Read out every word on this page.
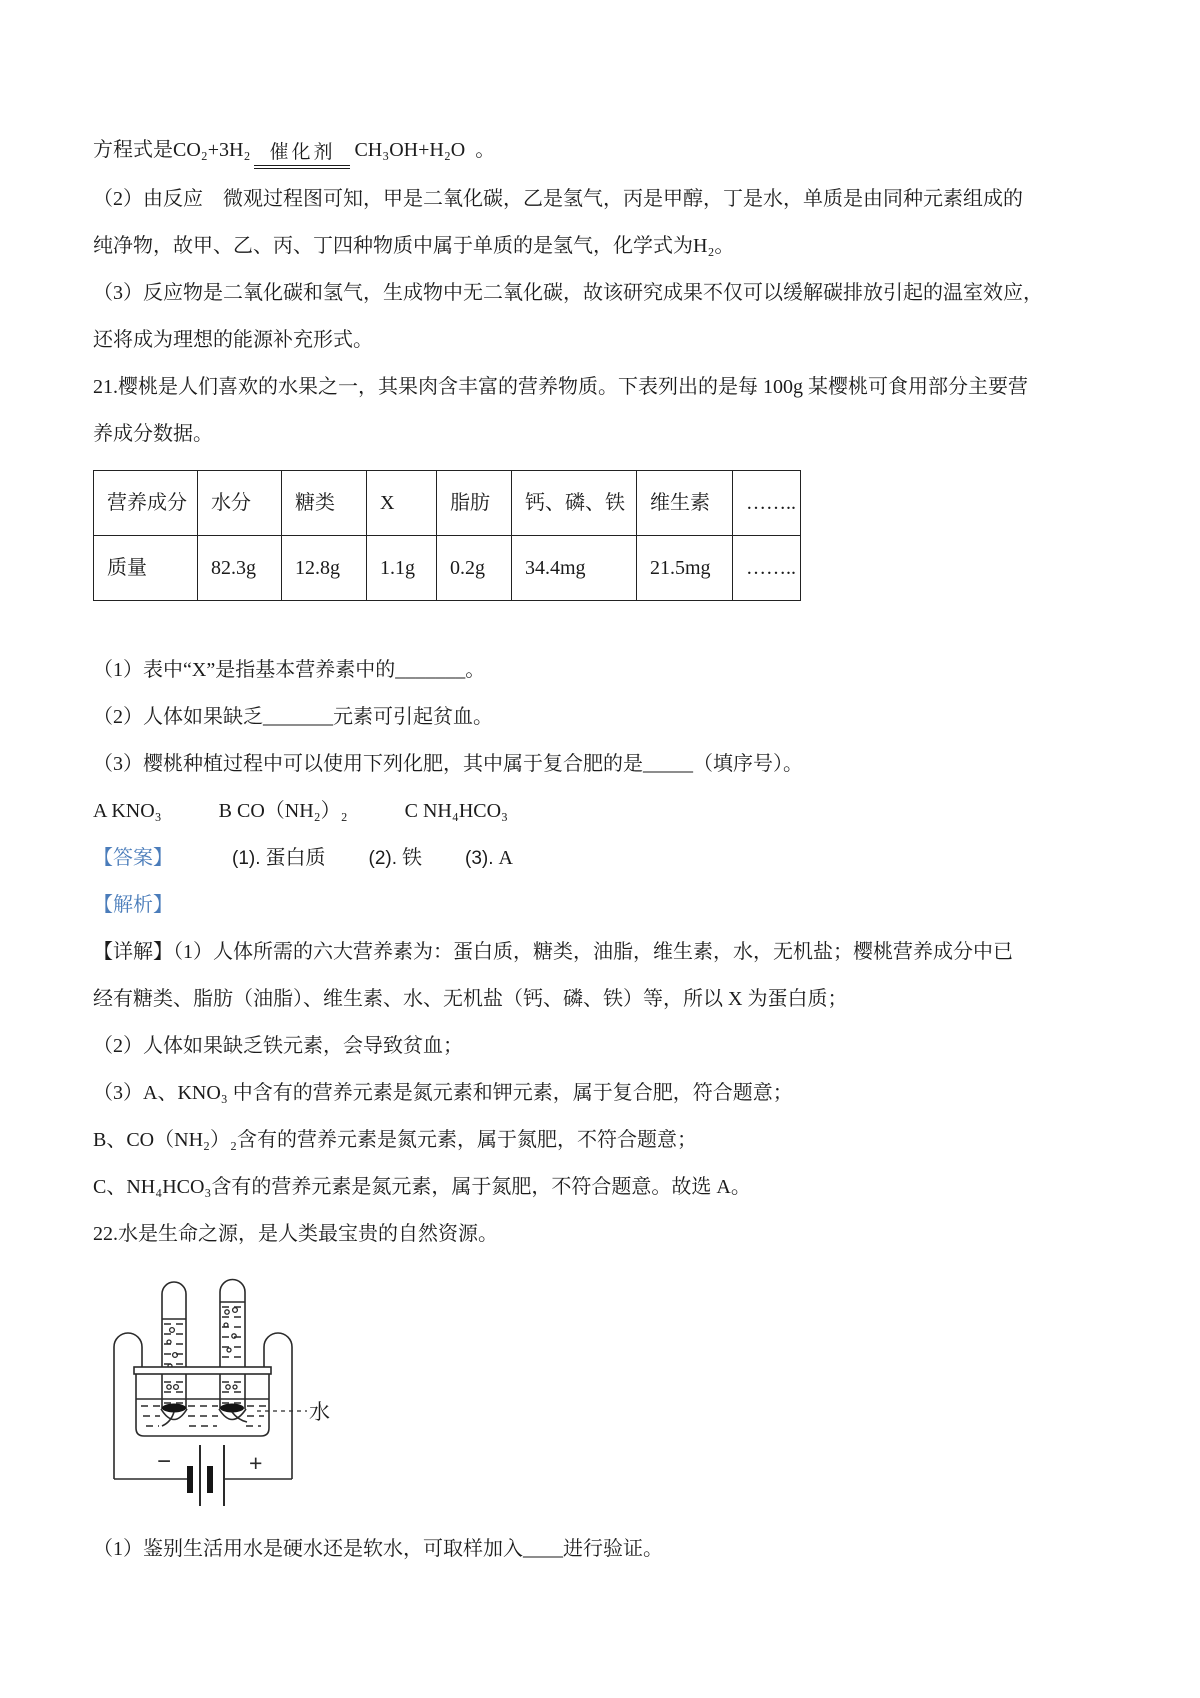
方程式是 CO₂+3H₂ 催化剂 CH₃OH+H₂O 。
（2）由反应　微观过程图可知，甲是二氧化碳，乙是氢气，丙是甲醇，丁是水，单质是由同种元素组成的
纯净物，故甲、乙、丙、丁四种物质中属于单质的是氢气，化学式为H₂。
（3）反应物是二氧化碳和氢气，生成物中无二氧化碳，故该研究成果不仅可以缓解碳排放引起的温室效应，
还将成为理想的能源补充形式。
21.樱桃是人们喜欢的水果之一，其果肉含丰富的营养物质。下表列出的是每 100g 某樱桃可食用部分主要营
养成分数据。
营养成分	水分	糖类	X	脂肪	钙、磷、铁	维生素	……..
质量	82.3g	12.8g	1.1g	0.2g	34.4mg	21.5mg	……..
（1）表中“X”是指基本营养素中的_______。
（2）人体如果缺乏_______元素可引起贫血。
（3）樱桃种植过程中可以使用下列化肥，其中属于复合肥的是_____（填序号）。
A KNO₃	B CO（NH₂）₂	C NH₄HCO₃
【答案】	(1). 蛋白质 (2). 铁 (3). A
【解析】
【详解】（1）人体所需的六大营养素为：蛋白质，糖类，油脂，维生素，水，无机盐；樱桃营养成分中已
经有糖类、脂肪（油脂）、维生素、水、无机盐（钙、磷、铁）等，所以 X 为蛋白质；
（2）人体如果缺乏铁元素，会导致贫血；
（3）A、KNO₃ 中含有的营养元素是氮元素和钾元素，属于复合肥，符合题意；
B、CO（NH₂）₂含有的营养元素是氮元素，属于氮肥，不符合题意；
C、NH₄HCO₃含有的营养元素是氮元素，属于氮肥，不符合题意。故选 A。
22.水是生命之源，是人类最宝贵的自然资源。
−	+
水
（1）鉴别生活用水是硬水还是软水，可取样加入____进行验证。
